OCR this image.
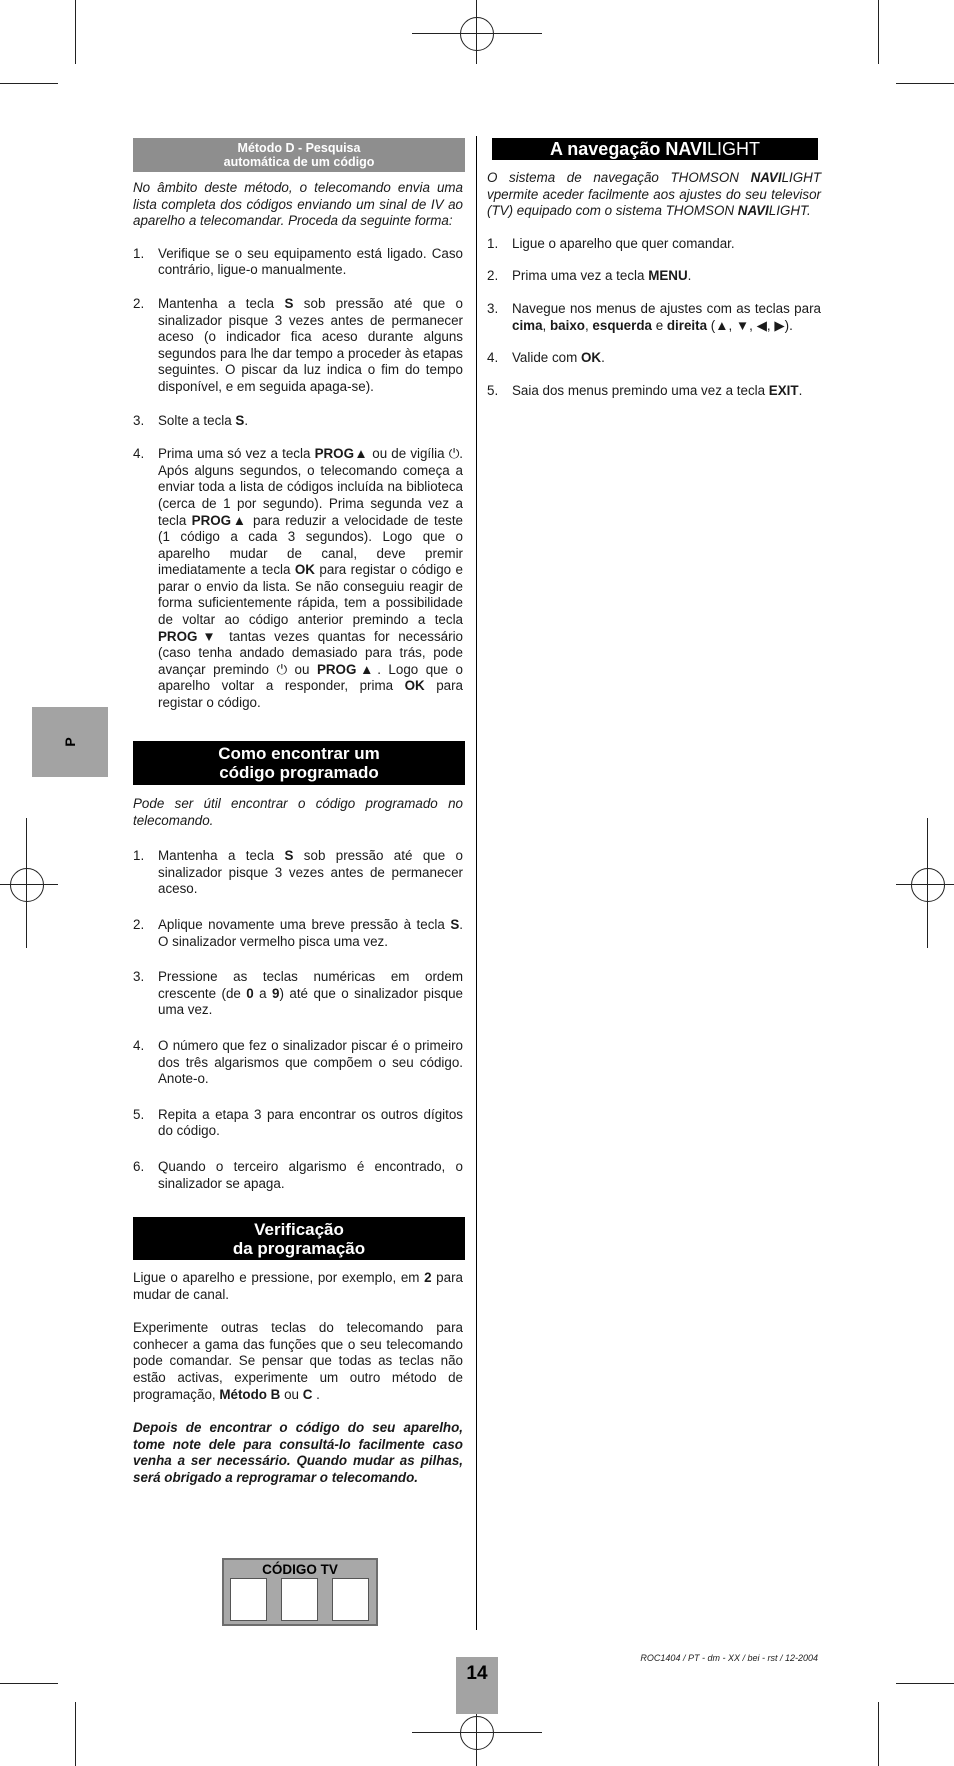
Método D - Pesquisa
automática de um código

No âmbito deste método, o telecomando envia uma lista completa dos códigos enviando um sinal de IV ao aparelho a telecomandar. Proceda da seguinte forma:

1. Verifique se o seu equipamento está ligado. Caso contrário, ligue-o manualmente.
2. Mantenha a tecla S sob pressão até que o sinalizador pisque 3 vezes antes de permanecer aceso (o indicador fica aceso durante alguns segundos para lhe dar tempo a proceder às etapas seguintes. O piscar da luz indica o fim do tempo disponível, e em seguida apaga-se).
3. Solte a tecla S.
4. Prima uma só vez a tecla PROG▲ ou de vigília ⏻. Após alguns segundos, o telecomando começa a enviar toda a lista de códigos incluída na biblioteca (cerca de 1 por segundo). Prima segunda vez a tecla PROG▲ para reduzir a velocidade de teste (1 código a cada 3 segundos). Logo que o aparelho mudar de canal, deve premir imediatamente a tecla OK para registar o código e parar o envio da lista. Se não conseguiu reagir de forma suficientemente rápida, tem a possibilidade de voltar ao código anterior premindo a tecla PROG▼ tantas vezes quantas for necessário (caso tenha andado demasiado para trás, pode avançar premindo ⏻ ou PROG▲. Logo que o aparelho voltar a responder, prima OK para registar o código.
P
Como encontrar um
código programado

Pode ser útil encontrar o código programado no telecomando.

1. Mantenha a tecla S sob pressão até que o sinalizador pisque 3 vezes antes de permanecer aceso.
2. Aplique novamente uma breve pressão à tecla S. O sinalizador vermelho pisca uma vez.
3. Pressione as teclas numéricas em ordem crescente (de 0 a 9) até que o sinalizador pisque uma vez.
4. O número que fez o sinalizador piscar é o primeiro dos três algarismos que compõem o seu código. Anote-o.
5. Repita a etapa 3 para encontrar os outros dígitos do código.
6. Quando o terceiro algarismo é encontrado, o sinalizador se apaga.
Verificação
da programação

Ligue o aparelho e pressione, por exemplo, em 2 para mudar de canal.

Experimente outras teclas do telecomando para conhecer a gama das funções que o seu telecomando pode comandar. Se pensar que todas as teclas não estão activas, experimente um outro método de programação, Método B ou C .

Depois de encontrar o código do seu aparelho, tome note dele para consultá-lo facilmente caso venha a ser necessário. Quando mudar as pilhas, será obrigado a reprogramar o telecomando.

CÓDIGO TV
A navegação NAVILIGHT

O sistema de navegação THOMSON NAVILIGHT vpermite aceder facilmente aos ajustes do seu televisor (TV) equipado com o sistema THOMSON NAVILIGHT.

1. Ligue o aparelho que quer comandar.
2. Prima uma vez a tecla MENU.
3. Navegue nos menus de ajustes com as teclas para cima, baixo, esquerda e direita (▲, ▼, ◀, ▶).
4. Valide com OK.
5. Saia dos menus premindo uma vez a tecla EXIT.
ROC1404 / PT - dm - XX / bei - rst / 12-2004
14
